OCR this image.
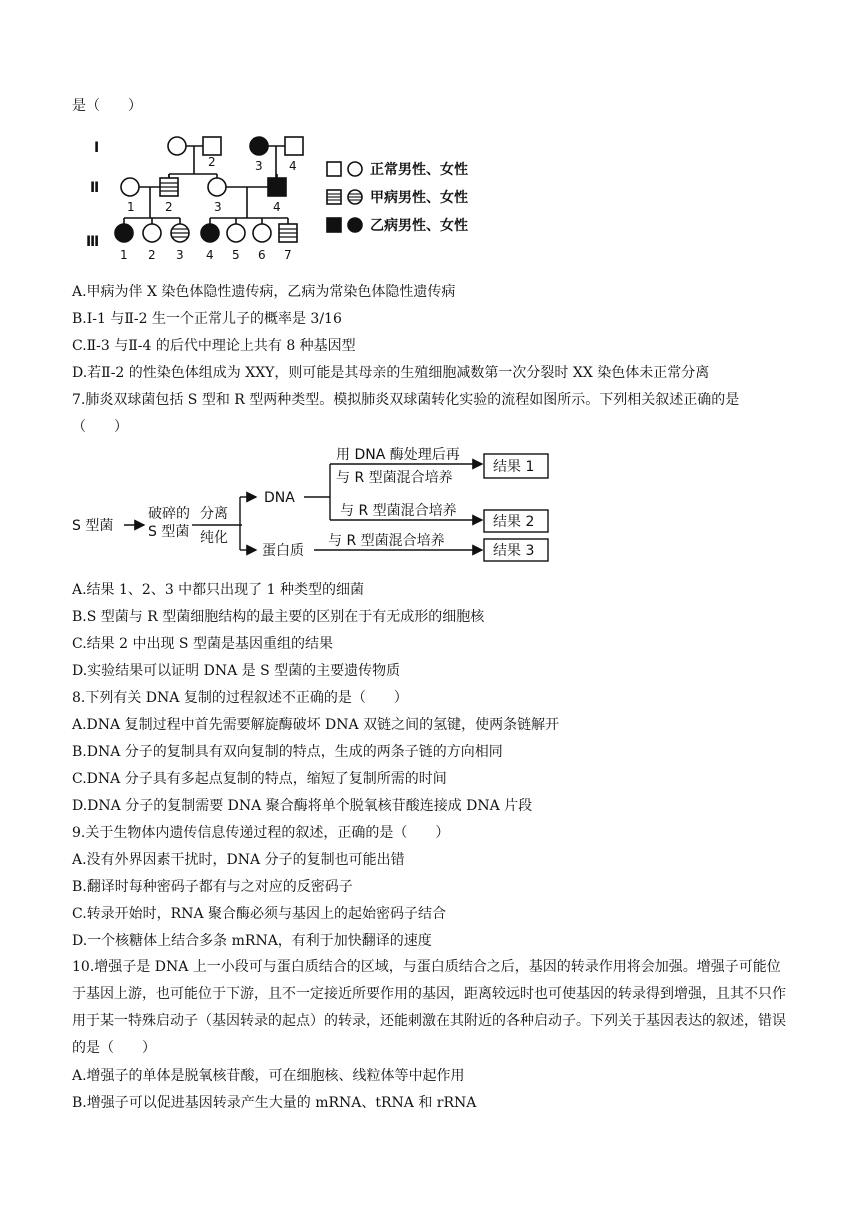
是（　　）
Ⅰ
Ⅱ
Ⅲ
2	3 4
1	2	3	4
1 2 3 4 5 6 7
正常男性、女性
甲病男性、女性
乙病男性、女性
A.甲病为伴 X 染色体隐性遗传病，乙病为常染色体隐性遗传病
B.Ⅰ-1 与Ⅱ-2 生一个正常儿子的概率是 3/16
C.Ⅱ-3 与Ⅱ-4 的后代中理论上共有 8 种基因型
D.若Ⅱ-2 的性染色体组成为 XXY，则可能是其母亲的生殖细胞减数第一次分裂时 XX 染色体未正常分离
7.肺炎双球菌包括 S 型和 R 型两种类型。模拟肺炎双球菌转化实验的流程如图所示。下列相关叙述正确的是
（　　）
S 型菌
破碎的
S 型菌
分离
纯化
DNA
蛋白质
用 DNA 酶处理后再
与 R 型菌混合培养
与 R 型菌混合培养
与 R 型菌混合培养
结果 1
结果 2
结果 3
A.结果 1、2、3 中都只出现了 1 种类型的细菌
B.S 型菌与 R 型菌细胞结构的最主要的区别在于有无成形的细胞核
C.结果 2 中出现 S 型菌是基因重组的结果
D.实验结果可以证明 DNA 是 S 型菌的主要遗传物质
8.下列有关 DNA 复制的过程叙述不正确的是（　　）
A.DNA 复制过程中首先需要解旋酶破坏 DNA 双链之间的氢键，使两条链解开
B.DNA 分子的复制具有双向复制的特点，生成的两条子链的方向相同
C.DNA 分子具有多起点复制的特点，缩短了复制所需的时间
D.DNA 分子的复制需要 DNA 聚合酶将单个脱氧核苷酸连接成 DNA 片段
9.关于生物体内遗传信息传递过程的叙述，正确的是（　　）
A.没有外界因素干扰时，DNA 分子的复制也可能出错
B.翻译时每种密码子都有与之对应的反密码子
C.转录开始时，RNA 聚合酶必须与基因上的起始密码子结合
D.一个核糖体上结合多条 mRNA，有利于加快翻译的速度
10.增强子是 DNA 上一小段可与蛋白质结合的区域，与蛋白质结合之后，基因的转录作用将会加强。增强子可能位于基因上游，也可能位于下游，且不一定接近所要作用的基因，距离较远时也可使基因的转录得到增强，且其不只作用于某一特殊启动子（基因转录的起点）的转录，还能刺激在其附近的各种启动子。下列关于基因表达的叙述，错误的是（　　）
A.增强子的单体是脱氧核苷酸，可在细胞核、线粒体等中起作用
B.增强子可以促进基因转录产生大量的 mRNA、tRNA 和 rRNA
